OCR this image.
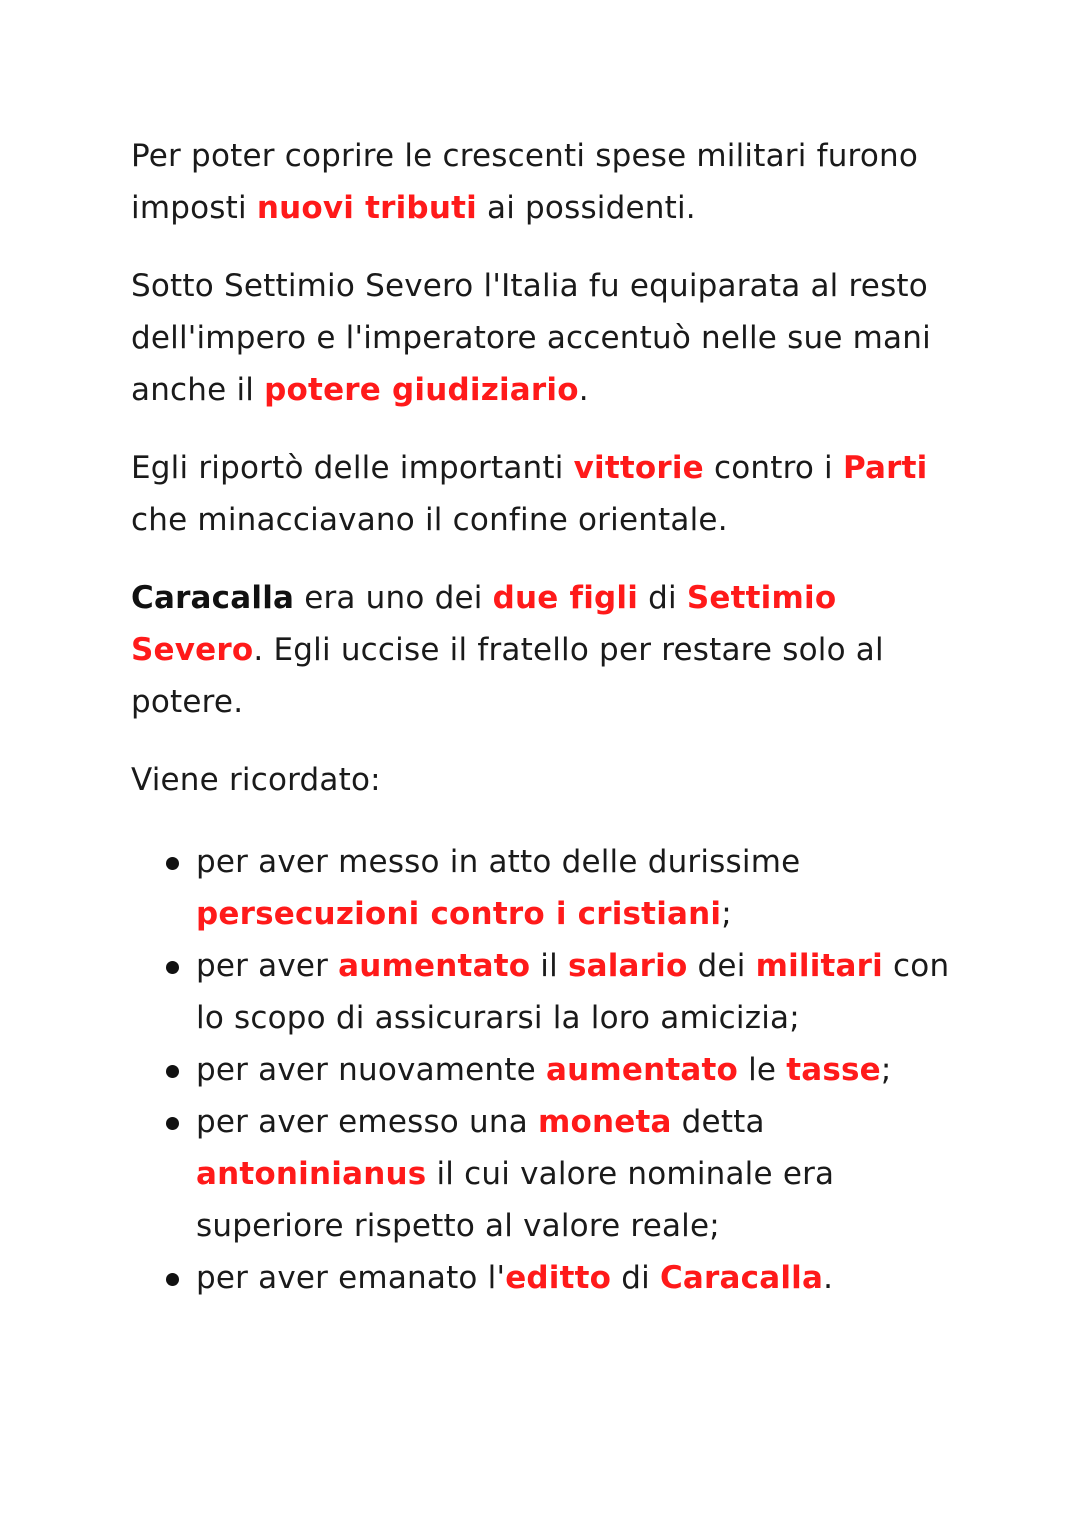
Per poter coprire le crescenti spese militari furono imposti nuovi tributi ai possidenti.

Sotto Settimio Severo l'Italia fu equiparata al resto dell'impero e l'imperatore accentuò nelle sue mani anche il potere giudiziario.

Egli riportò delle importanti vittorie contro i Parti che minacciavano il confine orientale.

Caracalla era uno dei due figli di Settimio Severo. Egli uccise il fratello per restare solo al potere.

Viene ricordato:

per aver messo in atto delle durissime persecuzioni contro i cristiani;
per aver aumentato il salario dei militari con lo scopo di assicurarsi la loro amicizia;
per aver nuovamente aumentato le tasse;
per aver emesso una moneta detta antoninianus il cui valore nominale era superiore rispetto al valore reale;
per aver emanato l'editto di Caracalla.
